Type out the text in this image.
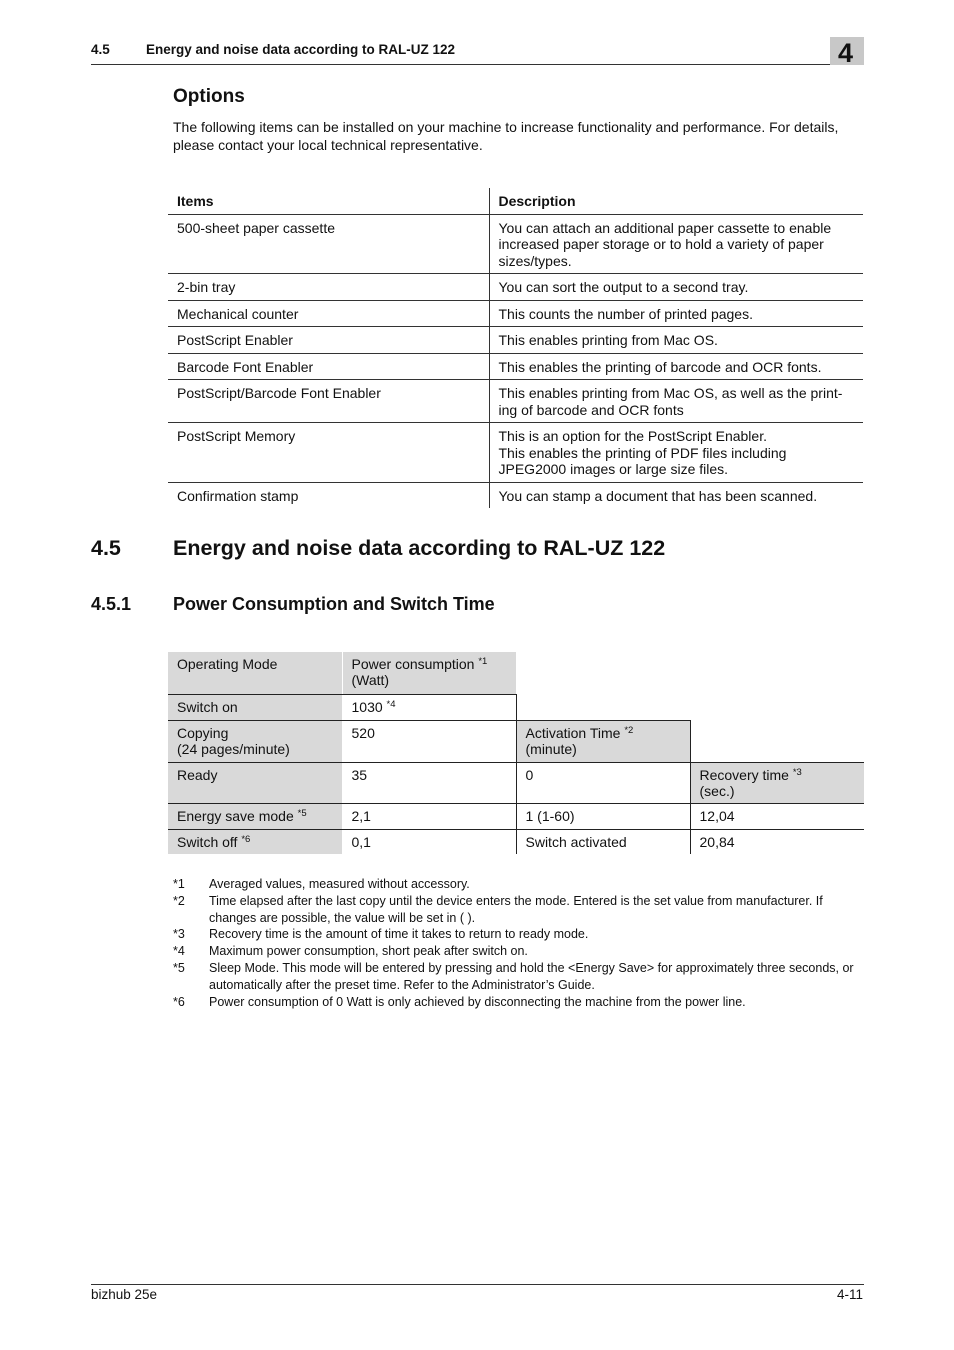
4.5	Energy and noise data according to RAL-UZ 122	4
Options

The following items can be installed on your machine to increase functionality and performance. For details, please contact your local technical representative.

Items	Description
500-sheet paper cassette	You can attach an additional paper cassette to enable increased paper storage or to hold a variety of paper sizes/types.
2-bin tray	You can sort the output to a second tray.
Mechanical counter	This counts the number of printed pages.
PostScript Enabler	This enables printing from Mac OS.
Barcode Font Enabler	This enables the printing of barcode and OCR fonts.
PostScript/Barcode Font Enabler	This enables printing from Mac OS, as well as the print-ing of barcode and OCR fonts
PostScript Memory	This is an option for the PostScript Enabler.
This enables the printing of PDF files including JPEG2000 images or large size files.
Confirmation stamp	You can stamp a document that has been scanned.
4.5 Energy and noise data according to RAL-UZ 122
4.5.1 Power Consumption and Switch Time
Operating Mode	Power consumption $^{*1}$
(Watt)		
Switch on	1030 $^{*4}$		
Copying
(24 pages/minute)	520	Activation Time $^{*2}$
(minute)	
Ready	35	0	Recovery time $^{*3}$
(sec.)
Energy save mode $^{*5}$	2,1	1 (1-60)	12,04
Switch off $^{*6}$	0,1	Switch activated	20,84
*1	Averaged values, measured without accessory.
*2	Time elapsed after the last copy until the device enters the mode. Entered is the set value from manufacturer. If changes are possible, the value will be set in ( ).
*3	Recovery time is the amount of time it takes to return to ready mode.
*4	Maximum power consumption, short peak after switch on.
*5	Sleep Mode. This mode will be entered by pressing and hold the <Energy Save> for approximately three seconds, or automatically after the preset time. Refer to the Administrator’s Guide.
*6	Power consumption of 0 Watt is only achieved by disconnecting the machine from the power line.
bizhub 25e	4-11
